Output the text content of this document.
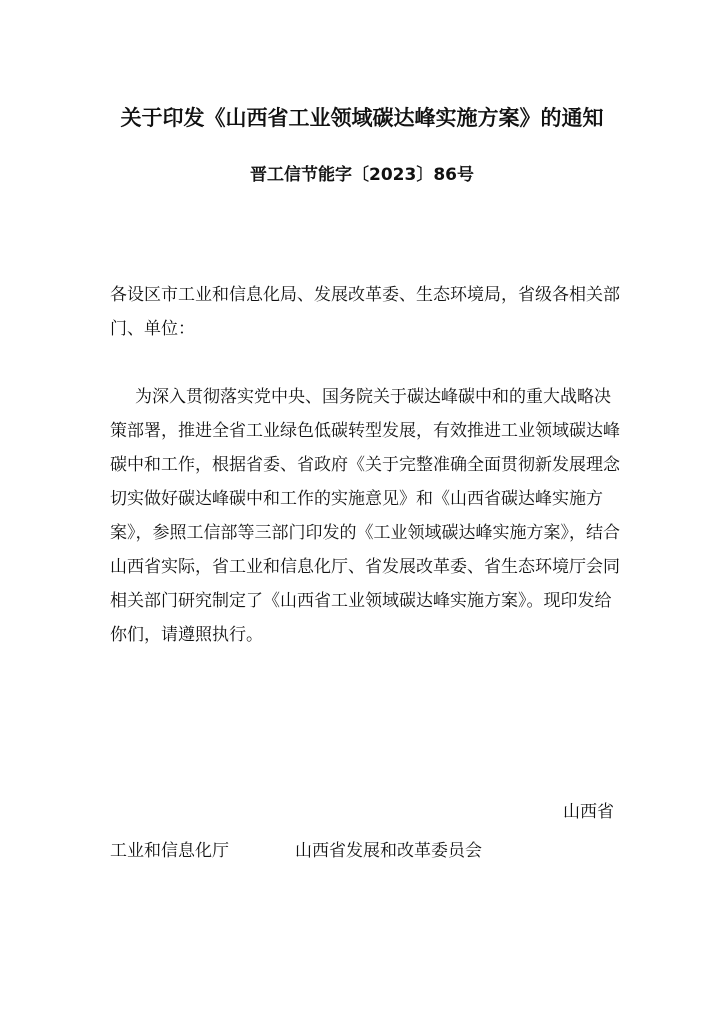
关于印发《山西省工业领域碳达峰实施方案》的通知
晋工信节能字〔2023〕86号
各设区市工业和信息化局、发展改革委、生态环境局，省级各相关部门、单位：
为深入贯彻落实党中央、国务院关于碳达峰碳中和的重大战略决策部署，推进全省工业绿色低碳转型发展，有效推进工业领域碳达峰碳中和工作，根据省委、省政府《关于完整准确全面贯彻新发展理念切实做好碳达峰碳中和工作的实施意见》和《山西省碳达峰实施方案》，参照工信部等三部门印发的《工业领域碳达峰实施方案》，结合山西省实际，省工业和信息化厅、省发展改革委、省生态环境厅会同相关部门研究制定了《山西省工业领域碳达峰实施方案》。现印发给你们，请遵照执行。
山西省
工业和信息化厅	山西省发展和改革委员会
